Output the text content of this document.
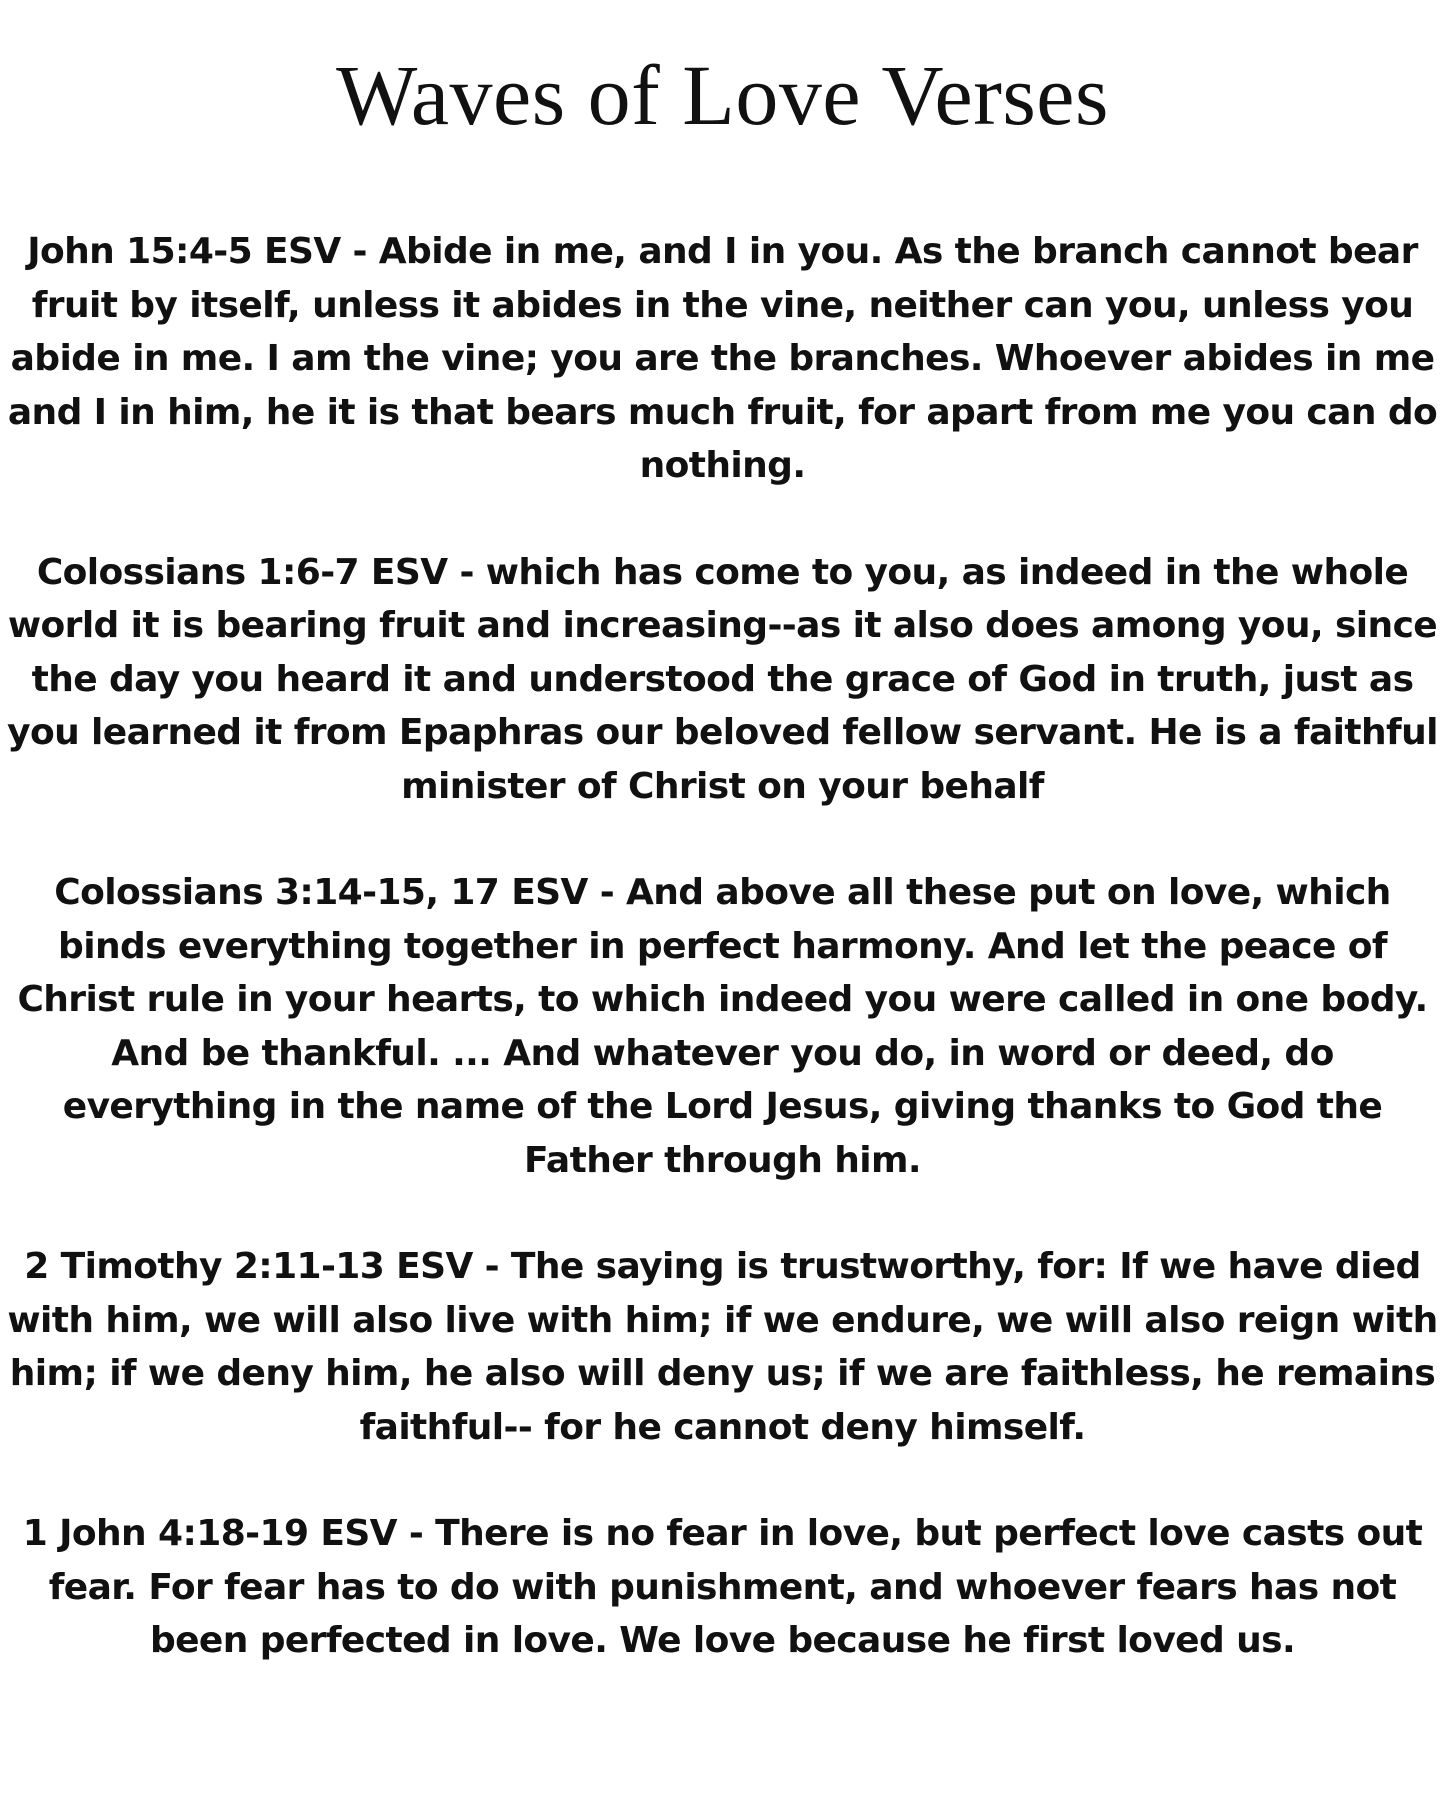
Waves of Love Verses

John 15:4-5 ESV - Abide in me, and I in you. As the branch cannot bear fruit by itself, unless it abides in the vine, neither can you, unless you abide in me. I am the vine; you are the branches. Whoever abides in me and I in him, he it is that bears much fruit, for apart from me you can do nothing.

Colossians 1:6-7 ESV - which has come to you, as indeed in the whole world it is bearing fruit and increasing--as it also does among you, since the day you heard it and understood the grace of God in truth, just as you learned it from Epaphras our beloved fellow servant. He is a faithful minister of Christ on your behalf

Colossians 3:14-15, 17 ESV - And above all these put on love, which binds everything together in perfect harmony. And let the peace of Christ rule in your hearts, to which indeed you were called in one body. And be thankful. ... And whatever you do, in word or deed, do everything in the name of the Lord Jesus, giving thanks to God the Father through him.

2 Timothy 2:11-13 ESV - The saying is trustworthy, for: If we have died with him, we will also live with him; if we endure, we will also reign with him; if we deny him, he also will deny us; if we are faithless, he remains faithful-- for he cannot deny himself.

1 John 4:18-19 ESV - There is no fear in love, but perfect love casts out fear. For fear has to do with punishment, and whoever fears has not been perfected in love. We love because he first loved us.
